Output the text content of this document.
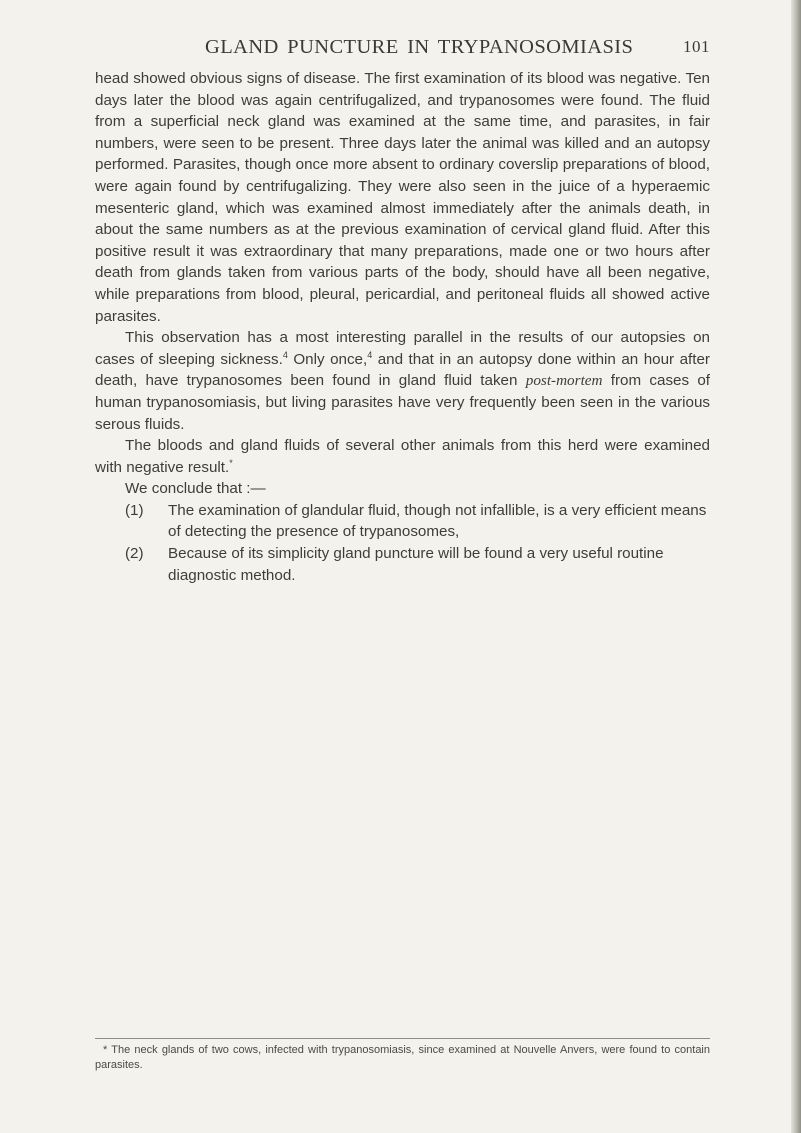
GLAND PUNCTURE IN TRYPANOSOMIASIS	101

head showed obvious signs of disease. The first examination of its blood was negative. Ten days later the blood was again centrifugalized, and trypanosomes were found. The fluid from a superficial neck gland was examined at the same time, and parasites, in fair numbers, were seen to be present. Three days later the animal was killed and an autopsy performed. Parasites, though once more absent to ordinary coverslip preparations of blood, were again found by centrifugalizing. They were also seen in the juice of a hyperaemic mesenteric gland, which was examined almost immediately after the animals death, in about the same numbers as at the previous examination of cervical gland fluid. After this positive result it was extraordinary that many preparations, made one or two hours after death from glands taken from various parts of the body, should have all been negative, while preparations from blood, pleural, pericardial, and peritoneal fluids all showed active parasites.

This observation has a most interesting parallel in the results of our autopsies on cases of sleeping sickness.$^4$ Only once,$^4$ and that in an autopsy done within an hour after death, have trypanosomes been found in gland fluid taken post-mortem from cases of human trypanosomiasis, but living parasites have very frequently been seen in the various serous fluids.

The bloods and gland fluids of several other animals from this herd were examined with negative result.*

We conclude that :—

(1) The examination of glandular fluid, though not infallible, is a very efficient means of detecting the presence of trypanosomes,
(2) Because of its simplicity gland puncture will be found a very useful routine diagnostic method.
* The neck glands of two cows, infected with trypanosomiasis, since examined at Nouvelle Anvers, were found to contain parasites.
